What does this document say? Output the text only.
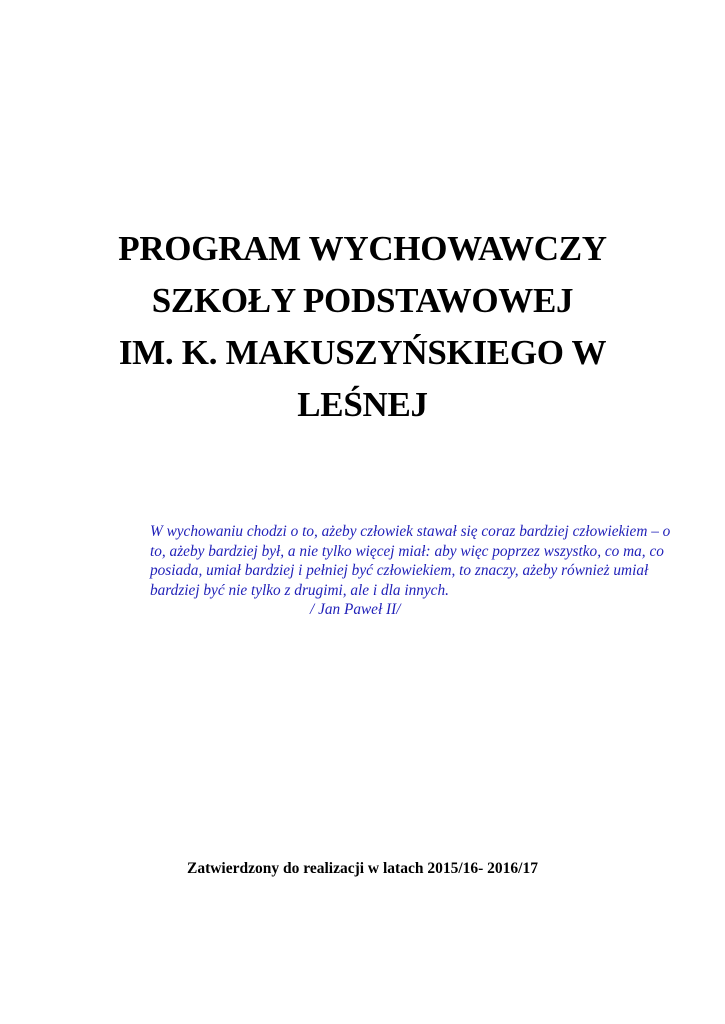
PROGRAM WYCHOWAWCZY
SZKOŁY PODSTAWOWEJ
IM. K. MAKUSZYŃSKIEGO W
LEŚNEJ
W wychowaniu chodzi o to, ażeby człowiek stawał się coraz bardziej człowiekiem – o
to, ażeby bardziej był, a nie tylko więcej miał: aby więc poprzez wszystko, co ma, co
posiada, umiał bardziej i pełniej być człowiekiem, to znaczy, ażeby również umiał
bardziej być nie tylko z drugimi, ale i dla innych.
/ Jan Paweł II/
Zatwierdzony do realizacji w latach 2015/16- 2016/17
